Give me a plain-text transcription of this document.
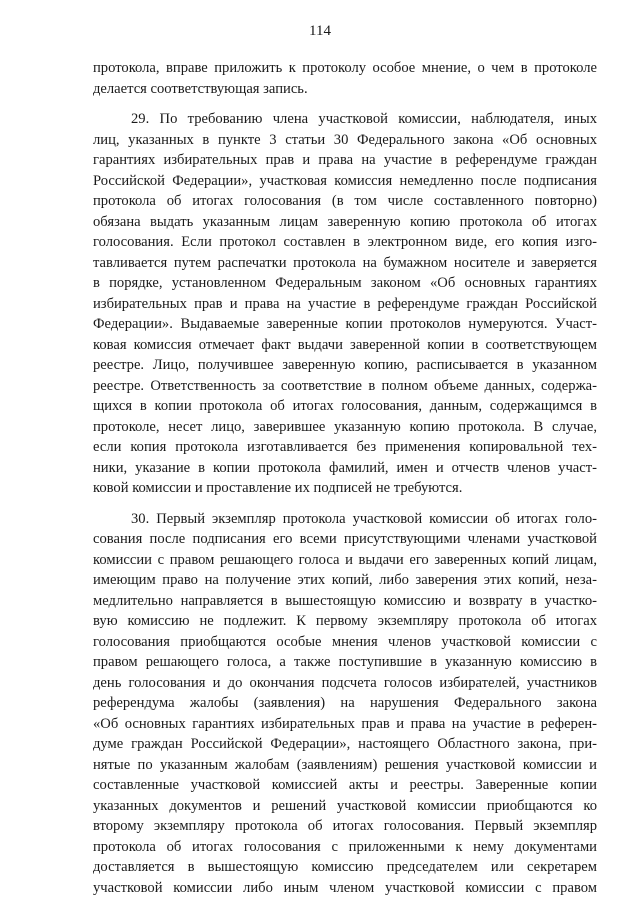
114
протокола, вправе приложить к протоколу особое мнение, о чем в протоколе
делается соответствующая запись.
29. По требованию члена участковой комиссии, наблюдателя, иных
лиц, указанных в пункте 3 статьи 30 Федерального закона «Об основных
гарантиях избирательных прав и права на участие в референдуме граждан
Российской Федерации», участковая комиссия немедленно после подписания
протокола об итогах голосования (в том числе составленного повторно)
обязана выдать указанным лицам заверенную копию протокола об итогах
голосования. Если протокол составлен в электронном виде, его копия изго-
тавливается путем распечатки протокола на бумажном носителе и заверяется
в порядке, установленном Федеральным законом «Об основных гарантиях
избирательных прав и права на участие в референдуме граждан Российской
Федерации». Выдаваемые заверенные копии протоколов нумеруются. Участ-
ковая комиссия отмечает факт выдачи заверенной копии в соответствующем
реестре. Лицо, получившее заверенную копию, расписывается в указанном
реестре. Ответственность за соответствие в полном объеме данных, содержа-
щихся в копии протокола об итогах голосования, данным, содержащимся в
протоколе, несет лицо, заверившее указанную копию протокола. В случае,
если копия протокола изготавливается без применения копировальной тех-
ники, указание в копии протокола фамилий, имен и отчеств членов участ-
ковой комиссии и проставление их подписей не требуются.
30. Первый экземпляр протокола участковой комиссии об итогах голо-
сования после подписания его всеми присутствующими членами участковой
комиссии с правом решающего голоса и выдачи его заверенных копий лицам,
имеющим право на получение этих копий, либо заверения этих копий, неза-
медлительно направляется в вышестоящую комиссию и возврату в участко-
вую комиссию не подлежит. К первому экземпляру протокола об итогах
голосования приобщаются особые мнения членов участковой комиссии с
правом решающего голоса, а также поступившие в указанную комиссию в
день голосования и до окончания подсчета голосов избирателей, участников
референдума жалобы (заявления) на нарушения Федерального закона
«Об основных гарантиях избирательных прав и права на участие в референ-
думе граждан Российской Федерации», настоящего Областного закона, при-
нятые по указанным жалобам (заявлениям) решения участковой комиссии и
составленные участковой комиссией акты и реестры. Заверенные копии
указанных документов и решений участковой комиссии приобщаются ко
второму экземпляру протокола об итогах голосования. Первый экземпляр
протокола об итогах голосования с приложенными к нему документами
доставляется в вышестоящую комиссию председателем или секретарем
участковой комиссии либо иным членом участковой комиссии с правом
